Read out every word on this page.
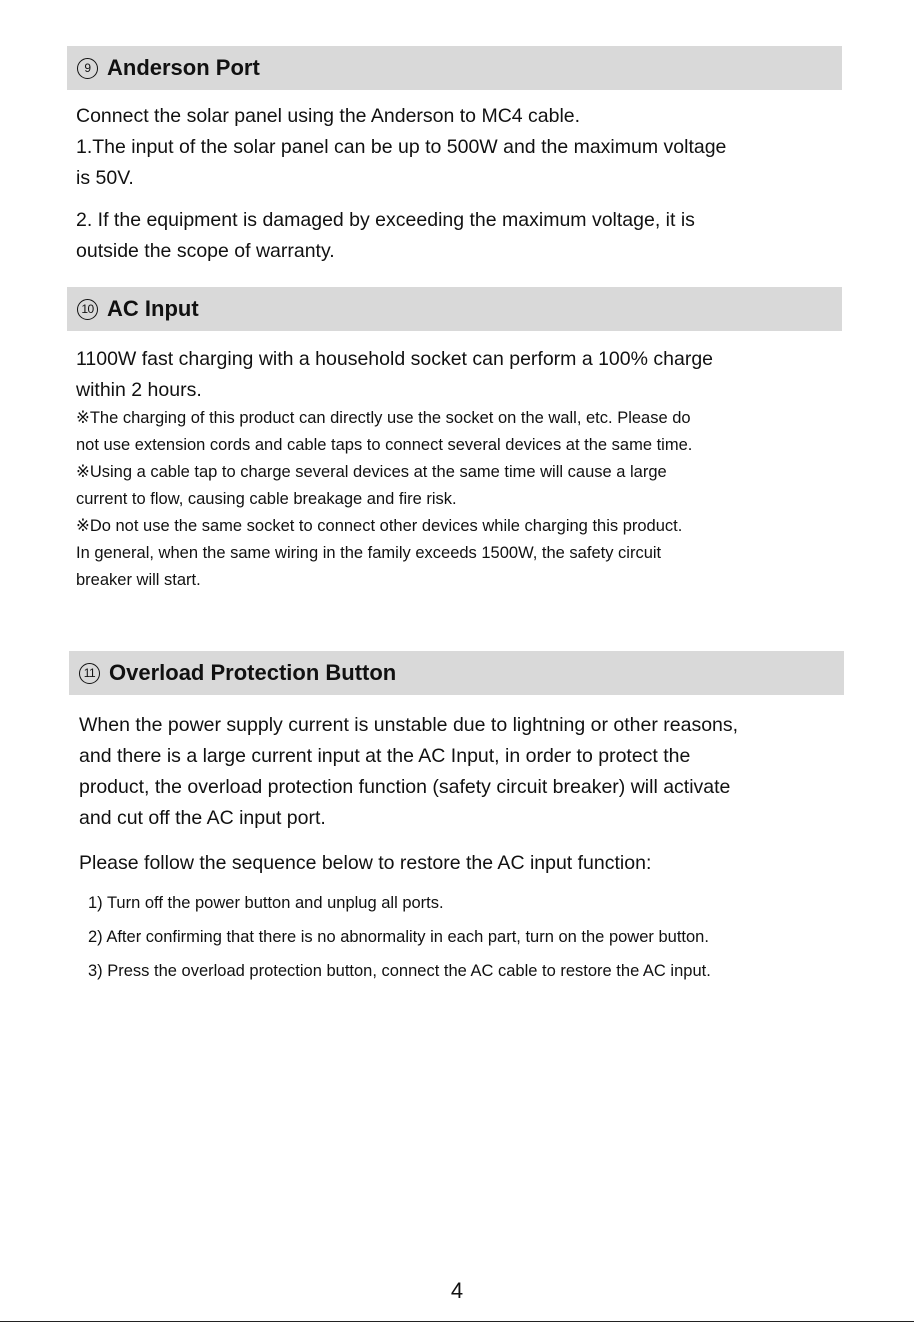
9 Anderson Port
Connect the solar panel using the Anderson to MC4 cable.
1.The input of the solar panel can be up to 500W and the maximum voltage
is 50V.
2. If the equipment is damaged by exceeding the maximum voltage, it is
outside the scope of warranty.
10 AC Input
1100W fast charging with a household socket can perform a 100% charge
within 2 hours.
※The charging of this product can directly use the socket on the wall, etc. Please do
not use extension cords and cable taps to connect several devices at the same time.
※Using a cable tap to charge several devices at the same time will cause a large
current to flow, causing cable breakage and fire risk.
※Do not use the same socket to connect other devices while charging this product.
In general, when the same wiring in the family exceeds 1500W, the safety circuit
breaker will start.
11 Overload Protection Button
When the power supply current is unstable due to lightning or other reasons,
and there is a large current input at the AC Input, in order to protect the
product, the overload protection function (safety circuit breaker) will activate
and cut off the AC input port.
Please follow the sequence below to restore the AC input function:
1) Turn off the power button and unplug all ports.
2) After confirming that there is no abnormality in each part, turn on the power button.
3) Press the overload protection button, connect the AC cable to restore the AC input.
4
